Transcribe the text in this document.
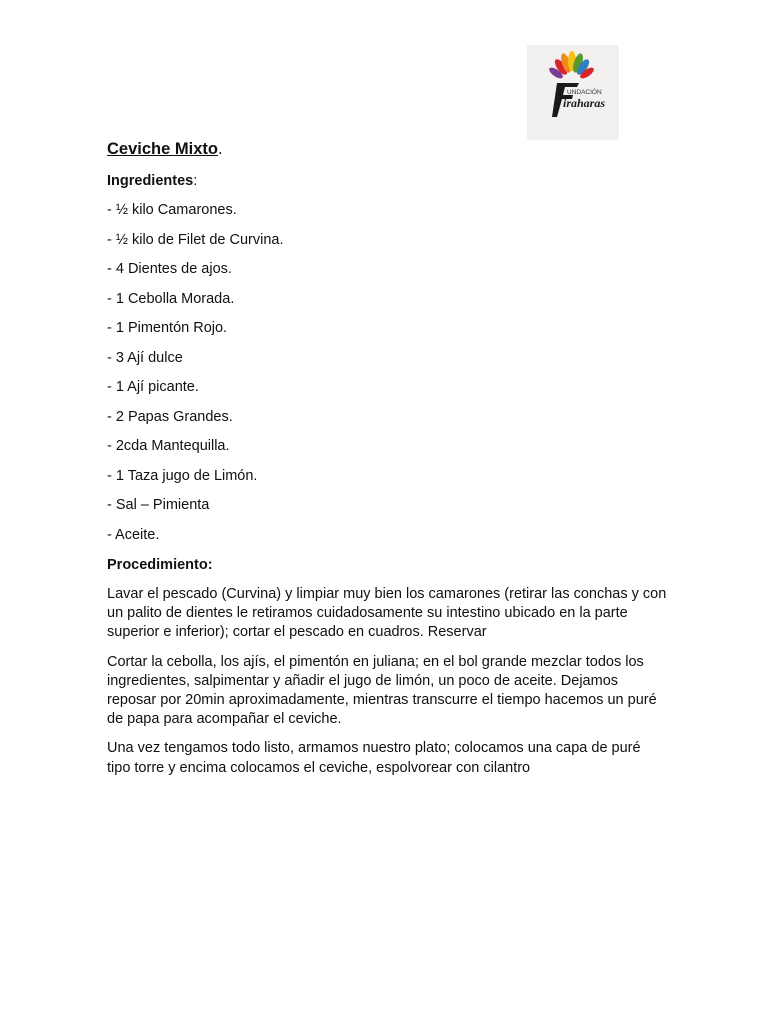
UNDACIÓN
iraharas
Ceviche Mixto.
Ingredientes:
- ½ kilo Camarones.
- ½ kilo de Filet de Curvina.
- 4 Dientes de ajos.
- 1 Cebolla Morada.
- 1 Pimentón Rojo.
- 3 Ají dulce
- 1 Ají picante.
- 2 Papas Grandes.
- 2cda Mantequilla.
- 1 Taza jugo de Limón.
- Sal – Pimienta
- Aceite.
Procedimiento:

Lavar el pescado (Curvina) y limpiar muy bien los camarones (retirar las conchas y con un palito de dientes le retiramos cuidadosamente su intestino ubicado en la parte superior e inferior); cortar el pescado en cuadros. Reservar

Cortar la cebolla, los ajís, el pimentón en juliana; en el bol grande mezclar todos los ingredientes, salpimentar y añadir el jugo de limón, un poco de aceite. Dejamos reposar por 20min aproximadamente, mientras transcurre el tiempo hacemos un puré de papa para acompañar el ceviche.

Una vez tengamos todo listo, armamos nuestro plato; colocamos una capa de puré tipo torre y encima colocamos el ceviche, espolvorear con cilantro
